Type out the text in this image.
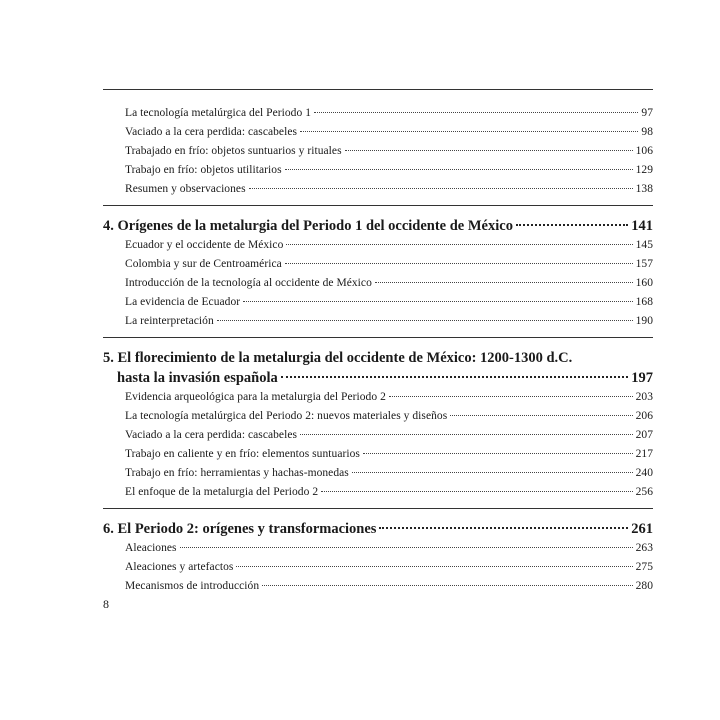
La tecnología metalúrgica del Periodo 1	97
Vaciado a la cera perdida: cascabeles	98
Trabajado en frío: objetos suntuarios y rituales	106
Trabajo en frío: objetos utilitarios	129
Resumen y observaciones	138
4. Orígenes de la metalurgia del Periodo 1 del occidente de México	141
Ecuador y el occidente de México	145
Colombia y sur de Centroamérica	157
Introducción de la tecnología al occidente de México	160
La evidencia de Ecuador	168
La reinterpretación	190
5. El florecimiento de la metalurgia del occidente de México: 1200-1300 d.C.
hasta la invasión española	197
Evidencia arqueológica para la metalurgia del Periodo 2	203
La tecnología metalúrgica del Periodo 2: nuevos materiales y diseños	206
Vaciado a la cera perdida: cascabeles	207
Trabajo en caliente y en frío: elementos suntuarios	217
Trabajo en frío: herramientas y hachas-monedas	240
El enfoque de la metalurgia del Periodo 2	256
6. El Periodo 2: orígenes y transformaciones	261
Aleaciones	263
Aleaciones y artefactos	275
Mecanismos de introducción	280
8
